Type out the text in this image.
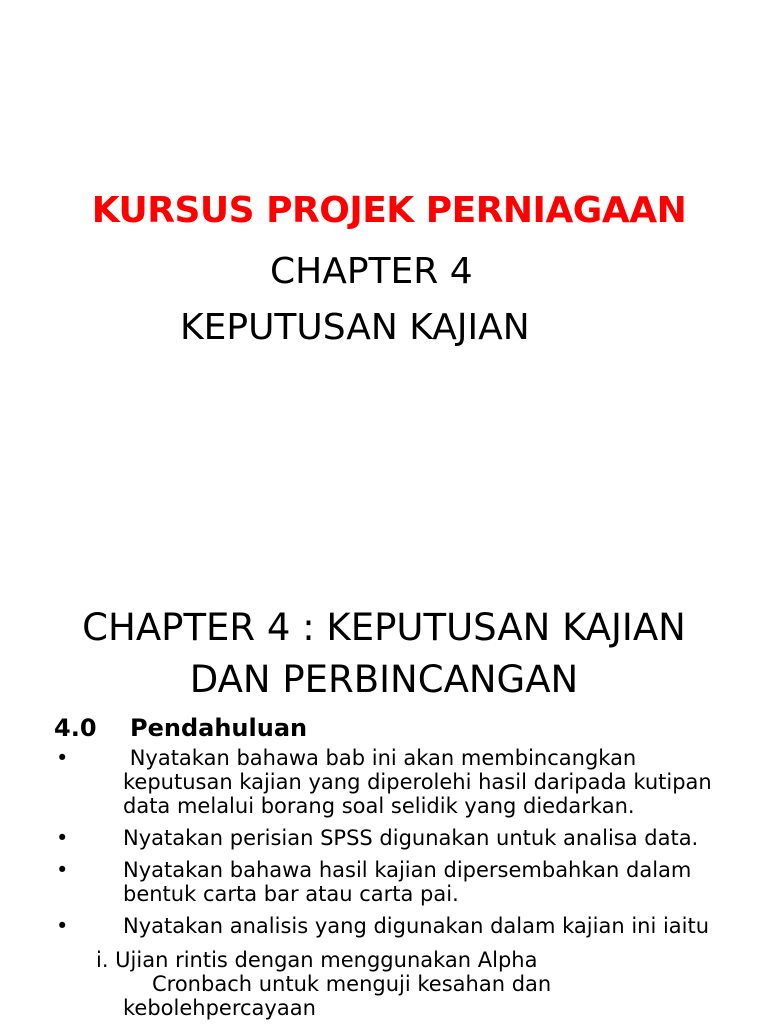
KURSUS PROJEK PERNIAGAAN
CHAPTER 4
KEPUTUSAN KAJIAN
CHAPTER 4 : KEPUTUSAN KAJIAN
DAN PERBINCANGAN
4.0 Pendahuluan
•	Nyatakan bahawa bab ini akan membincangkan keputusan kajian yang diperolehi hasil daripada kutipan data melalui borang soal selidik yang diedarkan.
•	Nyatakan perisian SPSS digunakan untuk analisa data.
•	Nyatakan bahawa hasil kajian dipersembahkan dalam bentuk carta bar atau carta pai.
•	Nyatakan analisis yang digunakan dalam kajian ini iaitu

i. Ujian rintis dengan menggunakan Alpha
Cronbach untuk menguji kesahan dan
kebolehpercayaan
